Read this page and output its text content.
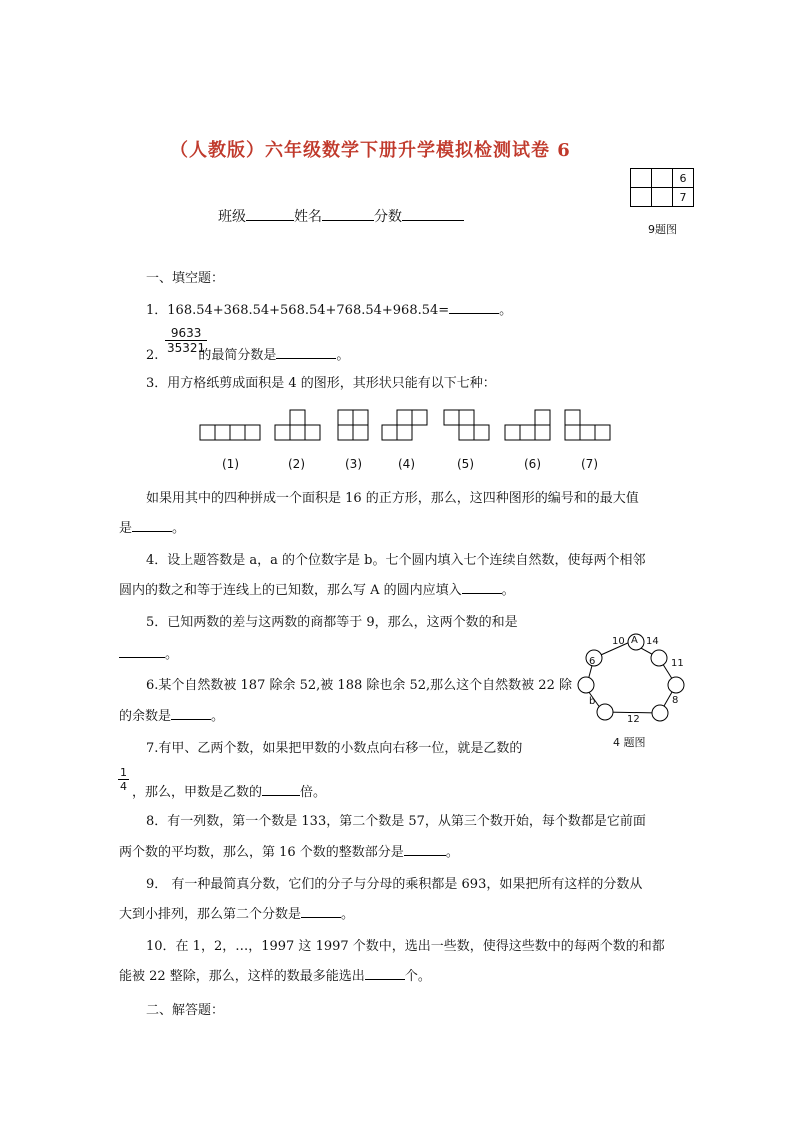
（人教版）六年级数学下册升学模拟检测试卷 6
		6
		7
9题图
班级	姓名	分数
一、填空题：
1．168.54+368.54+568.54+768.54+968.54=	。
$\frac{9633}{35321}$
2.	的最简分数是	。
3．用方格纸剪成面积是 4 的图形，其形状只能有以下七种：
(1)	(2)	(3)	(4)	(5)	(6)	(7)
如果用其中的四种拼成一个面积是 16 的正方形，那么，这四种图形的编号和的最大值
是	。
4．设上题答数是 a，a 的个位数字是 b。七个圆内填入七个连续自然数，使每两个相邻
圆内的数之和等于连线上的已知数，那么写 A 的圆内应填入	。
5．已知两数的差与这两数的商都等于 9，那么，这两个数的和是
。
A
10 14
6	11
b	8
12
4 题图
6.某个自然数被 187 除余 52,被 188 除也余 52,那么这个自然数被 22 除
的余数是	。
7.有甲、乙两个数，如果把甲数的小数点向右移一位，就是乙数的
$\frac{1}{4}$ ，那么，甲数是乙数的	倍。
8．有一列数，第一个数是 133，第二个数是 57，从第三个数开始，每个数都是它前面
两个数的平均数，那么，第 16 个数的整数部分是	。
9． 有一种最简真分数，它们的分子与分母的乘积都是 693，如果把所有这样的分数从
大到小排列，那么第二个分数是	。
10．在 1，2，…，1997 这 1997 个数中，选出一些数，使得这些数中的每两个数的和都
能被 22 整除，那么，这样的数最多能选出	个。
二、解答题：
